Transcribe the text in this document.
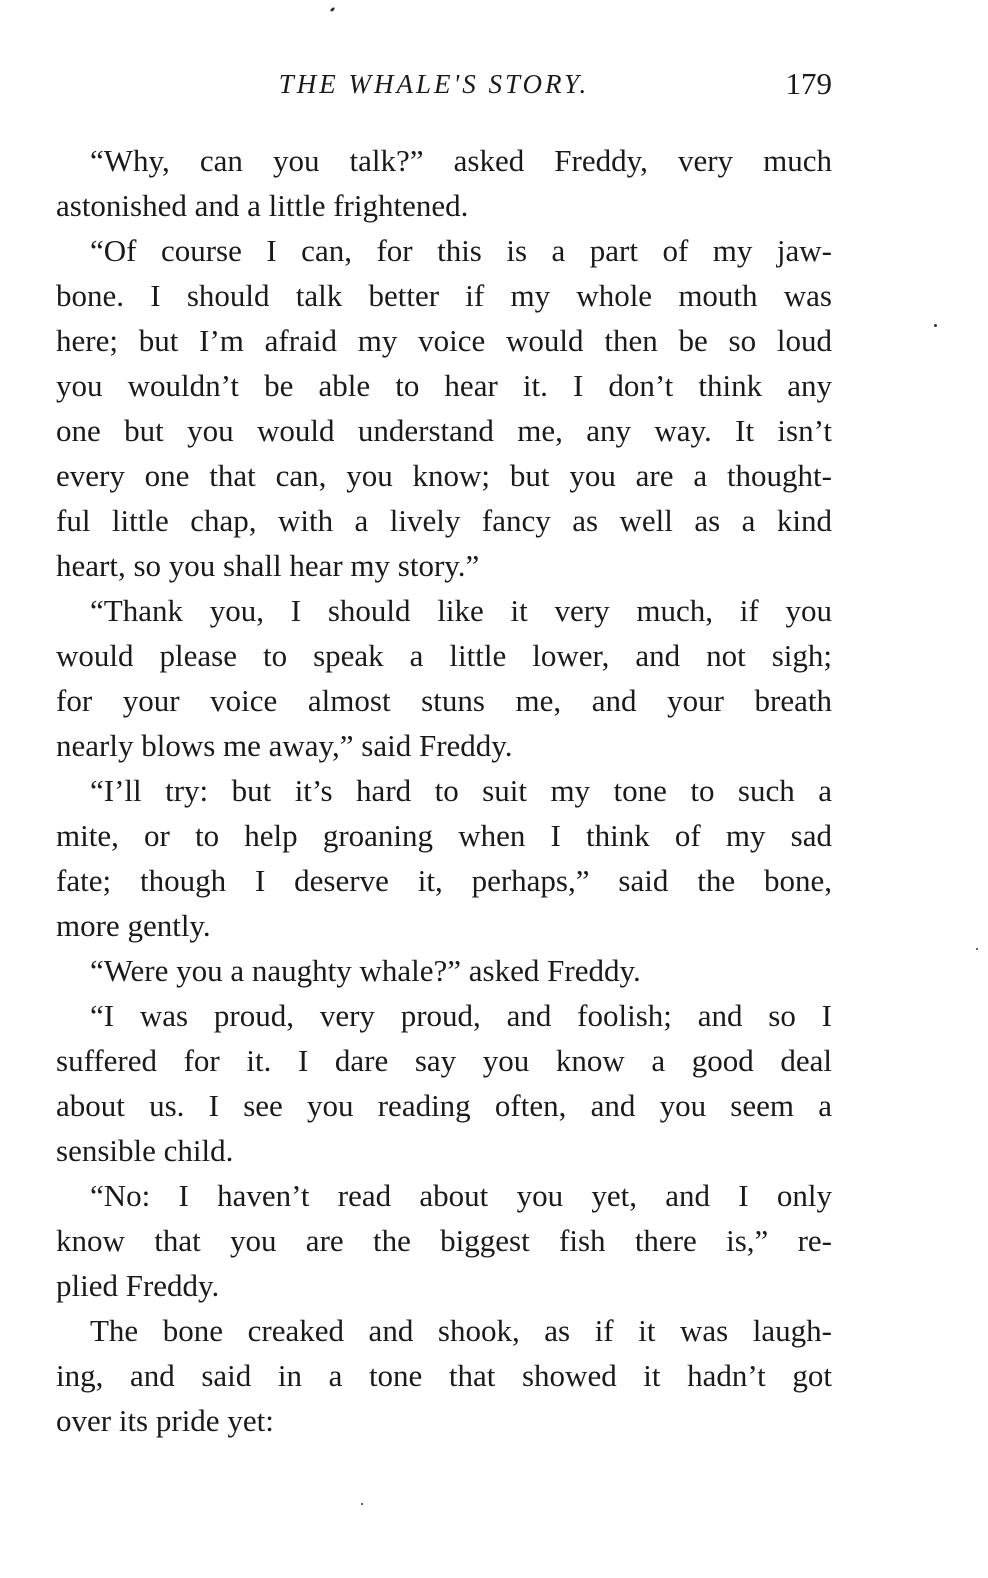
THE WHALE'S STORY.	179
“Why, can you talk?” asked Freddy, very much
astonished and a little frightened.
“Of course I can, for this is a part of my jaw-
bone. I should talk better if my whole mouth was
here; but I’m afraid my voice would then be so loud
you wouldn’t be able to hear it. I don’t think any
one but you would understand me, any way. It isn’t
every one that can, you know; but you are a thought-
ful little chap, with a lively fancy as well as a kind
heart, so you shall hear my story.”
“Thank you, I should like it very much, if you
would please to speak a little lower, and not sigh;
for your voice almost stuns me, and your breath
nearly blows me away,” said Freddy.
“I’ll try: but it’s hard to suit my tone to such a
mite, or to help groaning when I think of my sad
fate; though I deserve it, perhaps,” said the bone,
more gently.
“Were you a naughty whale?” asked Freddy.
“I was proud, very proud, and foolish; and so I
suffered for it. I dare say you know a good deal
about us. I see you reading often, and you seem a
sensible child.
“No: I haven’t read about you yet, and I only
know that you are the biggest fish there is,” re-
plied Freddy.
The bone creaked and shook, as if it was laugh-
ing, and said in a tone that showed it hadn’t got
over its pride yet:
